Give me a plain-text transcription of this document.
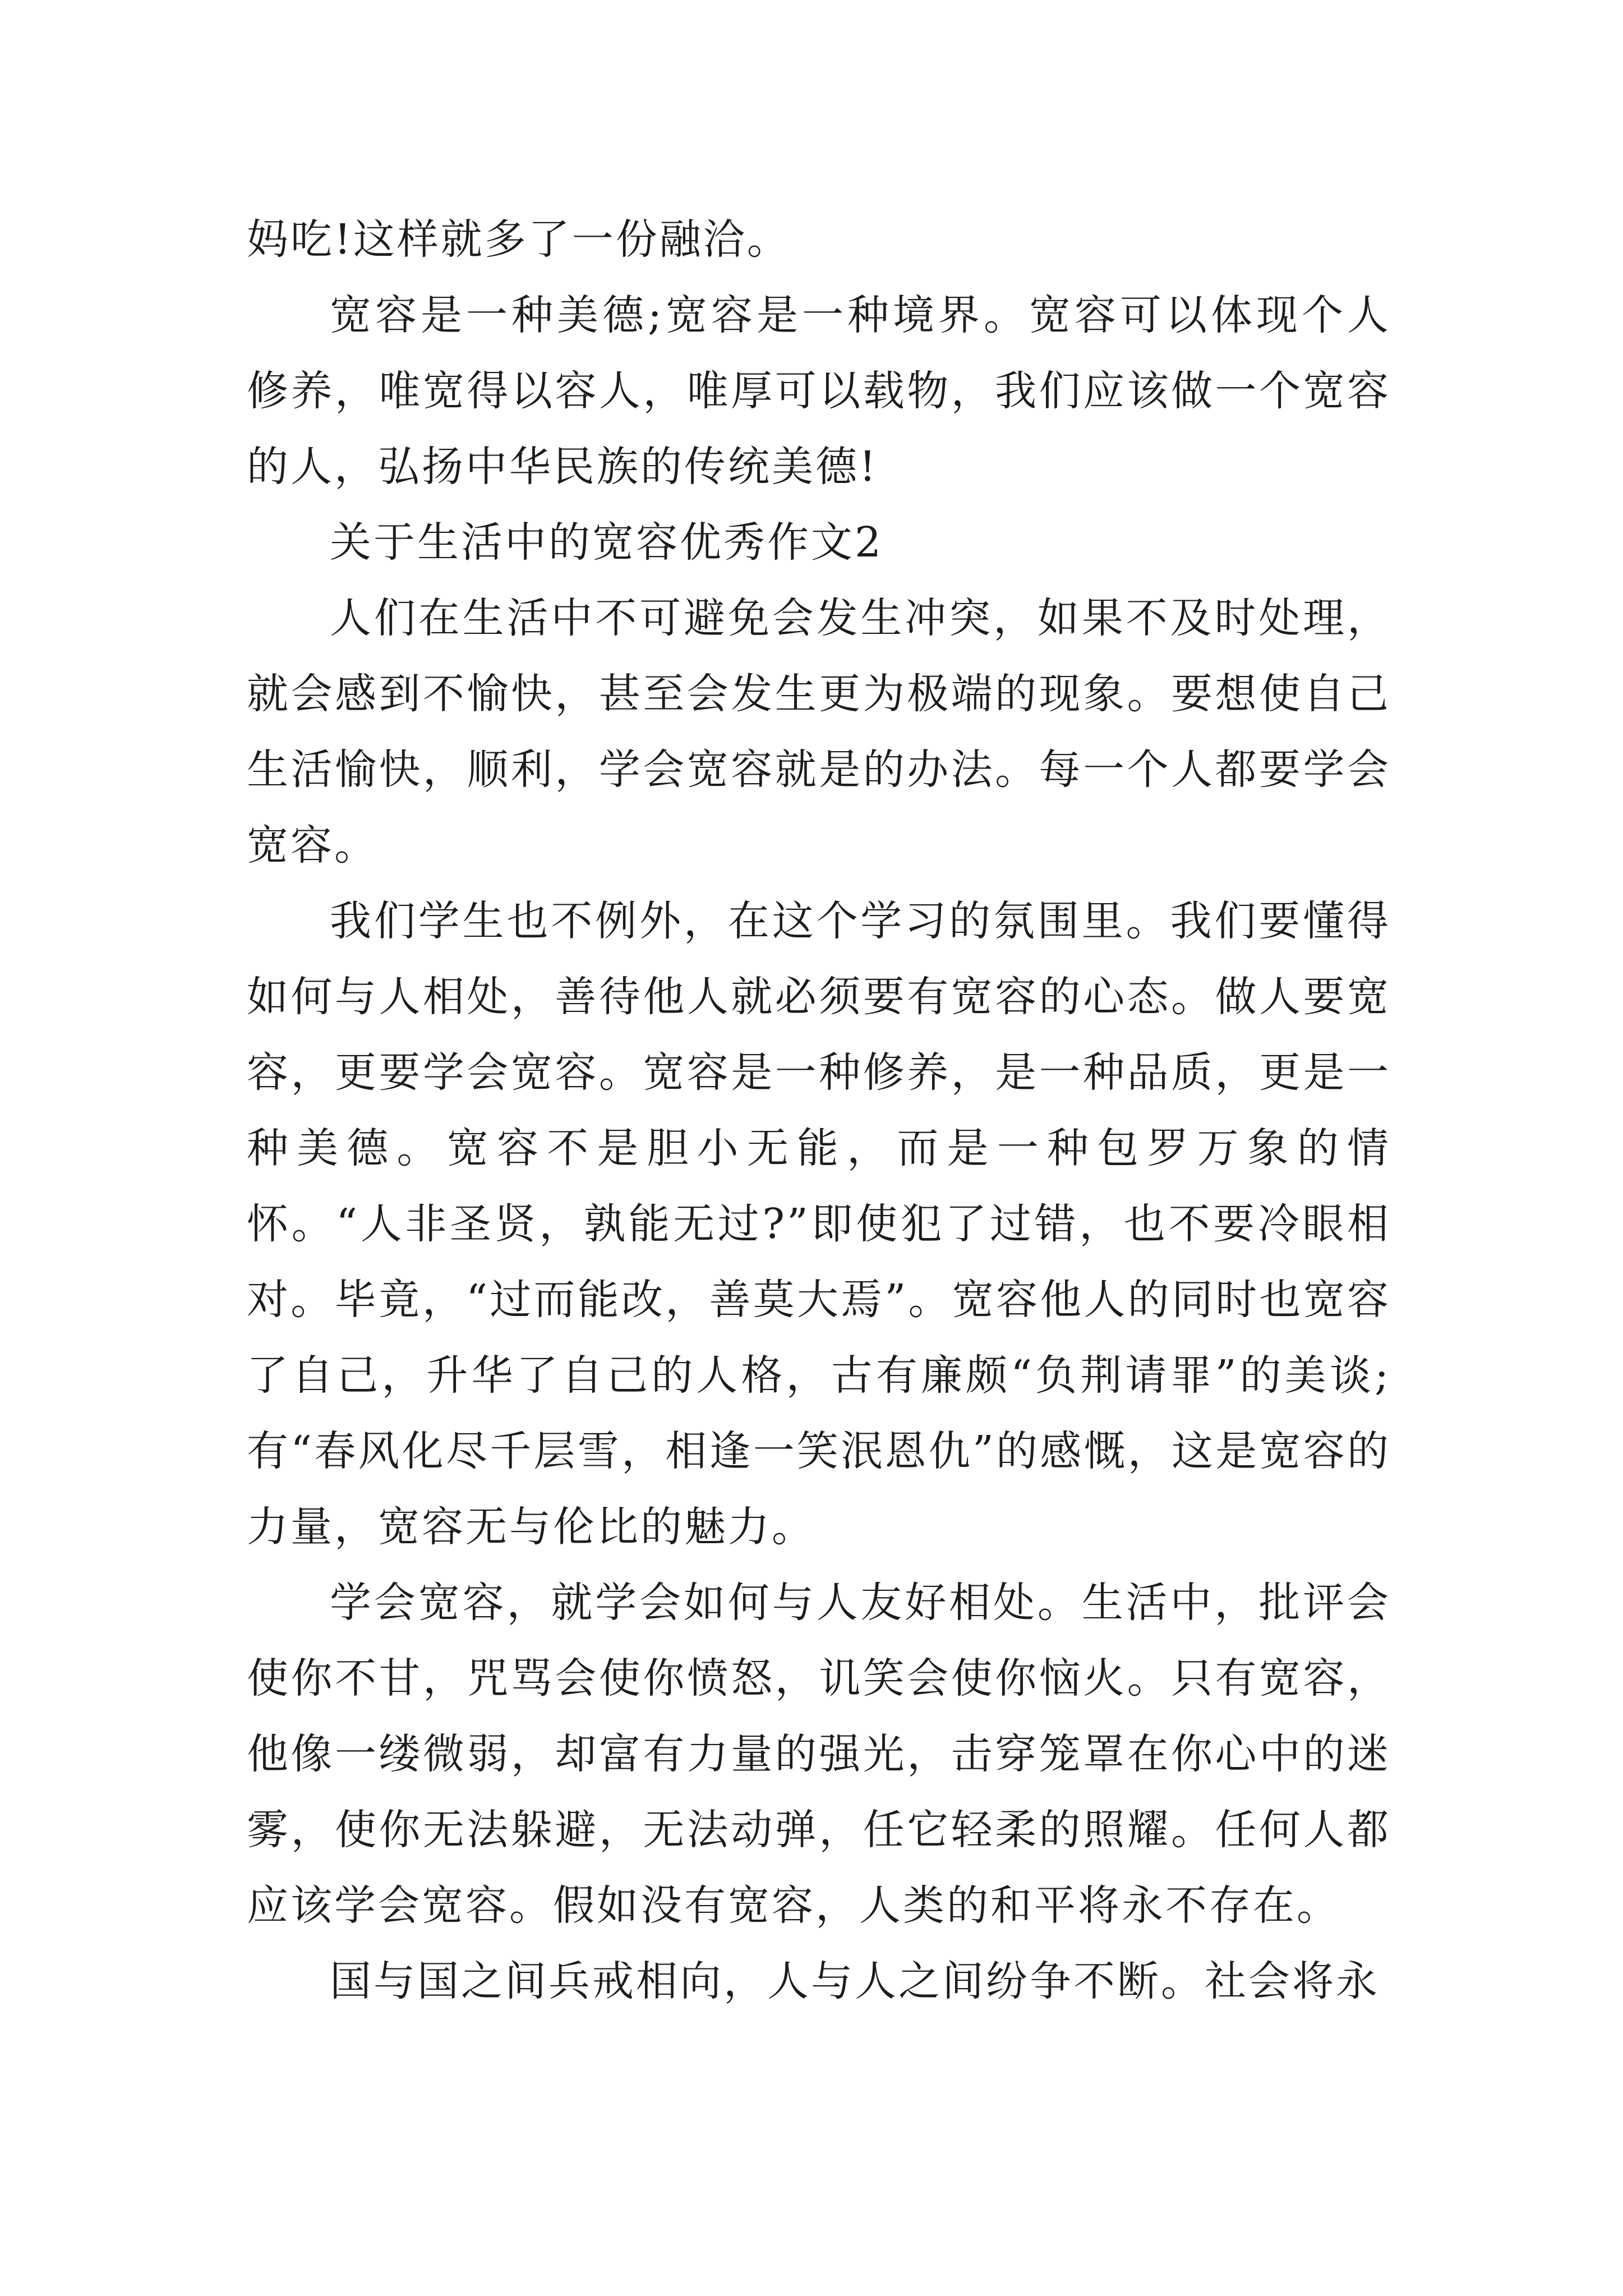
妈吃!这样就多了一份融洽。

宽容是一种美德;宽容是一种境界。宽容可以体现个人修养，唯宽得以容人，唯厚可以载物，我们应该做一个宽容的人，弘扬中华民族的传统美德!

关于生活中的宽容优秀作文2

人们在生活中不可避免会发生冲突，如果不及时处理，就会感到不愉快，甚至会发生更为极端的现象。要想使自己生活愉快，顺利，学会宽容就是的办法。每一个人都要学会宽容。

我们学生也不例外，在这个学习的氛围里。我们要懂得如何与人相处，善待他人就必须要有宽容的心态。做人要宽容，更要学会宽容。宽容是一种修养，是一种品质，更是一种美德。宽容不是胆小无能，而是一种包罗万象的情怀。“人非圣贤，孰能无过?”即使犯了过错，也不要冷眼相对。毕竟，“过而能改，善莫大焉”。宽容他人的同时也宽容了自己，升华了自己的人格，古有廉颇“负荆请罪”的美谈;有“春风化尽千层雪，相逢一笑泯恩仇”的感慨，这是宽容的力量，宽容无与伦比的魅力。

学会宽容，就学会如何与人友好相处。生活中，批评会使你不甘，咒骂会使你愤怒，讥笑会使你恼火。只有宽容，他像一缕微弱，却富有力量的强光，击穿笼罩在你心中的迷雾，使你无法躲避，无法动弹，任它轻柔的照耀。任何人都应该学会宽容。假如没有宽容，人类的和平将永不存在。

国与国之间兵戒相向，人与人之间纷争不断。社会将永
